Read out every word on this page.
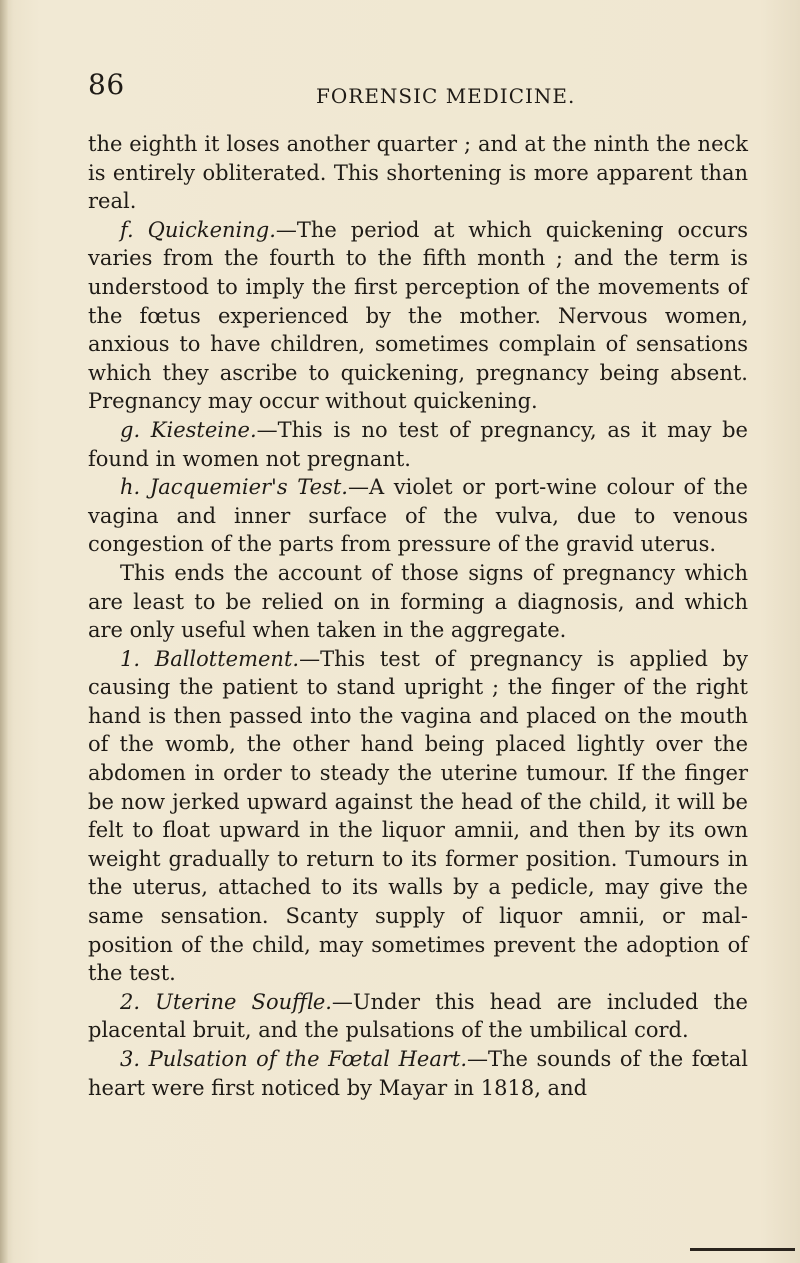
86	FORENSIC MEDICINE.

the eighth it loses another quarter ; and at the ninth the neck is entirely obliterated. This shortening is more apparent than real.

f. Quickening.—The period at which quickening occurs varies from the fourth to the fifth month ; and the term is understood to imply the first perception of the movements of the fœtus experienced by the mother. Nervous women, anxious to have children, sometimes complain of sensations which they ascribe to quickening, pregnancy being absent. Pregnancy may occur without quickening.

g. Kiesteine.—This is no test of pregnancy, as it may be found in women not pregnant.

h. Jacquemier's Test.—A violet or port-wine colour of the vagina and inner surface of the vulva, due to venous congestion of the parts from pressure of the gravid uterus.

This ends the account of those signs of pregnancy which are least to be relied on in forming a diagnosis, and which are only useful when taken in the aggregate.

1. Ballottement.—This test of pregnancy is applied by causing the patient to stand upright ; the finger of the right hand is then passed into the vagina and placed on the mouth of the womb, the other hand being placed lightly over the abdomen in order to steady the uterine tumour. If the finger be now jerked upward against the head of the child, it will be felt to float upward in the liquor amnii, and then by its own weight gradually to return to its former position. Tumours in the uterus, attached to its walls by a pedicle, may give the same sensation. Scanty supply of liquor amnii, or mal-position of the child, may sometimes prevent the adoption of the test.

2. Uterine Souffle.—Under this head are included the placental bruit, and the pulsations of the umbilical cord.

3. Pulsation of the Fœtal Heart.—The sounds of the fœtal heart were first noticed by Mayar in 1818, and
